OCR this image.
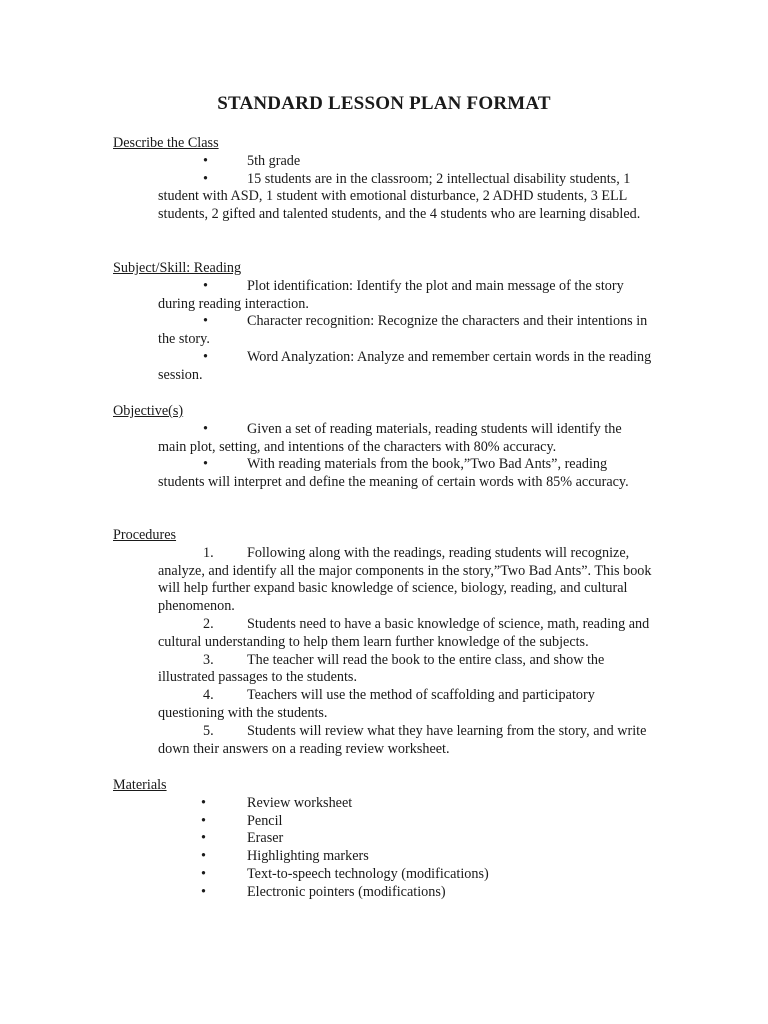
STANDARD LESSON PLAN FORMAT
Describe the Class
•	5th grade
•	15 students are in the classroom; 2 intellectual disability students, 1 student with ASD, 1 student with emotional disturbance, 2 ADHD students, 3 ELL students, 2 gifted and talented students, and the 4 students who are learning disabled.
Subject/Skill: Reading
•	Plot identification: Identify the plot and main message of the story during reading interaction.
•	Character recognition: Recognize the characters and their intentions in the story.
•	Word Analyzation: Analyze and remember certain words in the reading session.
Objective(s)
•	Given a set of reading materials, reading students will identify the main plot, setting, and intentions of the characters with 80% accuracy.
•	With reading materials from the book,”Two Bad Ants”, reading students will interpret and define the meaning of certain words with 85% accuracy.
Procedures
1. Following along with the readings, reading students will recognize, analyze, and identify all the major components in the story,”Two Bad Ants”. This book will help further expand basic knowledge of science, biology, reading, and cultural phenomenon.
2. Students need to have a basic knowledge of science, math, reading and cultural understanding to help them learn further knowledge of the subjects.
3. The teacher will read the book to the entire class, and show the illustrated passages to the students.
4. Teachers will use the method of scaffolding and participatory questioning with the students.
5. Students will review what they have learning from the story, and write down their answers on a reading review worksheet.
Materials
•	Review worksheet
•	Pencil
•	Eraser
•	Highlighting markers
•	Text-to-speech technology (modifications)
•	Electronic pointers (modifications)
